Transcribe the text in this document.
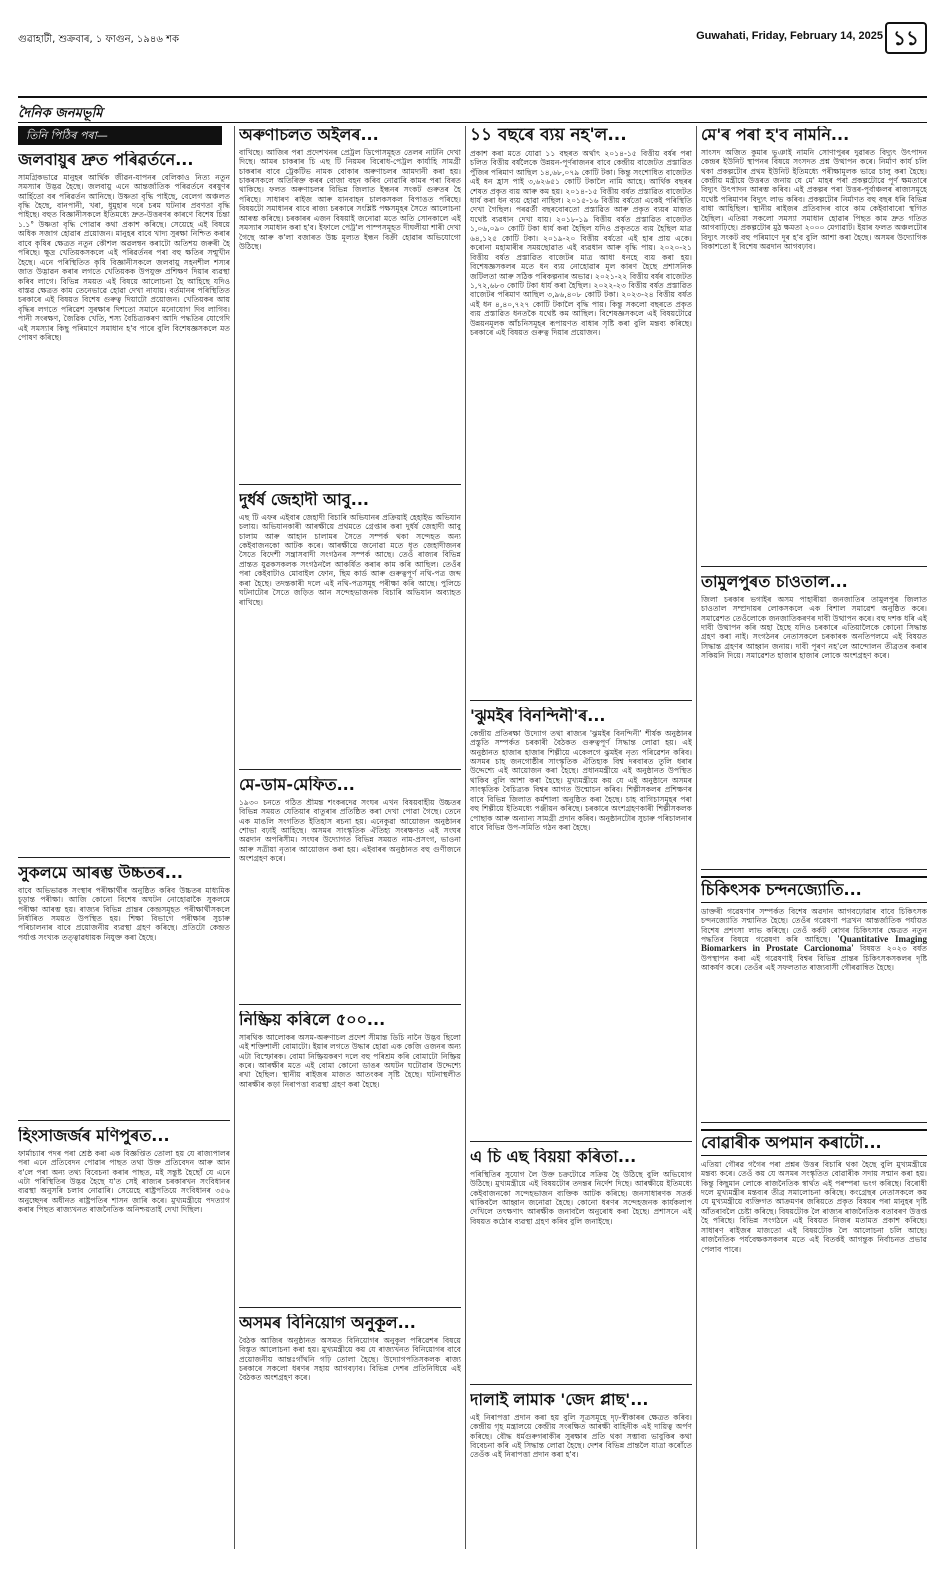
গুৱাহাটী, শুক্ৰবাৰ, ১ ফাগুন, ১৯৪৬ শক	Guwahati, Friday, February 14, 2025 ১১
দৈনিক জনমভূমি
তিনি পিঠিৰ পৰা—
জলবায়ুৰ দ্ৰুত পৰিৱৰ্তনে...

সামগ্ৰিকভাৱে মানুহৰ আৰ্থিক জীৱন-যাপনৰ বেলিকাও নিত্য নতুন সমস্যাৰ উদ্ভৱ হৈছে। জলবায়ু এনে আন্তৰ্জাতিক পৰিৱৰ্তনে বৰষুণৰ আৰ্হিতো বৰ পৰিৱৰ্তন আনিছে। উষ্ণতা বৃদ্ধি পাইছে, বেলেগ অঞ্চলত বৃদ্ধি হৈছে, বানপানী, খৰা, ধুমুহাৰ দৰে চৰম ঘটনাৰ প্ৰবণতা বৃদ্ধি পাইছে। বহুত বিজ্ঞানীসকলে ইতিমধ্যে দ্ৰুত-উত্তৰণৰ কাৰণে বিশেষ চিন্তা ১.১° উষ্ণতা বৃদ্ধি পোৱাৰ কথা প্ৰকাশ কৰিছে। সেয়েহে এই বিষয়ে অধিক সজাগ হোৱাৰ প্ৰয়োজন। মানুহৰ বাবে খাদ্য সুৰক্ষা নিশ্চিত কৰাৰ বাবে কৃষিৰ ক্ষেত্ৰত নতুন কৌশল অৱলম্বন কৰাটো অতিশয় জৰুৰী হৈ পৰিছে। ক্ষুদ্ৰ খেতিয়কসকলে এই পৰিৱৰ্তনৰ পৰা বহু ক্ষতিৰ সন্মুখীন হৈছে। এনে পৰিস্থিতিত কৃষি বিজ্ঞানীসকলে জলবায়ু সহনশীল শস্যৰ জাত উদ্ভাৱন কৰাৰ লগতে খেতিয়কক উপযুক্ত প্ৰশিক্ষণ দিয়াৰ ব্যৱস্থা কৰিব লাগে। বিভিন্ন সময়ত এই বিষয়ে আলোচনা হৈ আহিছে যদিও বাস্তৱ ক্ষেত্ৰত কাম তেনেভাৱে হোৱা দেখা নাযায়। বৰ্তমানৰ পৰিস্থিতিত চৰকাৰে এই বিষয়ত বিশেষ গুৰুত্ব দিয়াটো প্ৰয়োজন। খেতিয়কৰ আয় বৃদ্ধিৰ লগতে পৰিৱেশ সুৰক্ষাৰ দিশতো সমানে মনোযোগ দিব লাগিব। পানী সংৰক্ষণ, জৈৱিক খেতি, শস্য বৈচিত্ৰ্যকৰণ আদি পদ্ধতিৰ যোগেদি এই সমস্যাৰ কিছু পৰিমাণে সমাধান হ'ব পাৰে বুলি বিশেষজ্ঞসকলে মত পোষণ কৰিছে।

সুকলমে আৰম্ভ উচ্চতৰ...

বাবে অভিভাৱক সংস্থাৰ পৰীক্ষাৰ্থীৰ অনুষ্ঠিত কৰিব উচ্চতৰ মাধ্যমিক চূড়ান্ত পৰীক্ষা। আজি কোনো বিশেষ অঘটন নোহোৱাকৈ সুকলমে পৰীক্ষা আৰম্ভ হয়। ৰাজ্যৰ বিভিন্ন প্ৰান্তৰ কেন্দ্ৰসমূহত পৰীক্ষাৰ্থীসকলে নিৰ্ধাৰিত সময়ত উপস্থিত হয়। শিক্ষা বিভাগে পৰীক্ষাৰ সুচাৰু পৰিচালনাৰ বাবে প্ৰয়োজনীয় ব্যৱস্থা গ্ৰহণ কৰিছে। প্ৰতিটো কেন্দ্ৰত পৰ্যাপ্ত সংখ্যক তত্ত্বাৱধায়ক নিযুক্ত কৰা হৈছে।

হিংসাজৰ্জৰ মণিপুৰত...

ফাৰ্মাচ্যাৰ পদৰ পৰা শ্ৰেষ্ঠ কৰা এক বিজ্ঞপ্তিত তোলা হয় যে ৰাজ্যপালৰ পৰা এনে প্ৰতিবেদন পোৱাৰ পাছত তথা উক্ত প্ৰতিবেদন আৰু আন ব'লে পৰা অন্য তথ্য বিবেচনা কৰাৰ পাছত, মই সন্তুষ্ট হৈছোঁ যে এনে এটা পৰিস্থিতিৰ উদ্ভৱ হৈছে য'ত সেই ৰাজ্যৰ চৰকাৰখন সংবিধানৰ ব্যৱস্থা অনুসৰি চলাব নোৱাৰি। সেয়েহে ৰাষ্ট্ৰপতিয়ে সংবিধানৰ ৩৫৬ অনুচ্ছেদৰ অধীনত ৰাষ্ট্ৰপতিৰ শাসন জাৰি কৰে। মুখ্যমন্ত্ৰীয়ে পদত্যাগ কৰাৰ পিছত ৰাজ্যখনত ৰাজনৈতিক অনিশ্চয়তাই দেখা দিছিল।

অৰুণাচলত অইলৰ...

বাখিছে। আজিৰ পৰা প্ৰদেশখনৰ প্ৰেট্ৰল ডিপোসমূহত তেলৰ নাটনি দেখা দিছে। আমৰ চাকৰাৰ চি এছ টি নিয়মৰ বিৰোধ-পেট্ৰল কাৰ্যাহি সামগ্ৰী চাকৰাৰ বাবে ট্ৰেকটিভ নামক বোকাৰ অৰুণাচলৰ আমদানী কৰা হয়। চাকৰসকলে অতিৰিক্ত কৰৰ বোজা বহন কৰিব নোৱাৰি কামৰ পৰা বিৰত থাকিছে। ফলত অৰুণাচলৰ বিভিন্ন জিলাত ইন্ধনৰ সংকট গুৰুতৰ হৈ পৰিছে। সাধাৰণ ৰাইজ আৰু যানবাহন চালকসকল বিপাঙত পৰিছে। বিষয়টো সমাধানৰ বাবে ৰাজ্য চৰকাৰে সংশ্লিষ্ট পক্ষসমূহৰ সৈতে আলোচনা আৰম্ভ কৰিছে। চৰকাৰৰ এজন বিষয়াই জনোৱা মতে অতি সোনকালে এই সমস্যাৰ সমাধান কৰা হ'ব। ইফালে পেট্ৰ'ল পাম্পসমূহত দীঘলীয়া শাৰী দেখা গৈছে আৰু ক'লা বজাৰত উচ্চ মূল্যত ইন্ধন বিক্ৰী হোৱাৰ অভিযোগো উঠিছে।

দুৰ্ধৰ্ষ জেহাদী আবু...

এছ টি এফৰ এইবাৰ জেহাদী বিচাৰি অভিযানৰ প্ৰক্ৰিয়াই হেহাইভ অভিযান চলায়। অভিযানকাৰী আৰক্ষীয়ে প্ৰথমতে গ্ৰেপ্তাৰ কৰা দুৰ্ধৰ্ষ জেহাদী আবু চালাম আৰু আহান চালামৰ সৈতে সম্পৰ্ক থকা সন্দেহত অন্য কেইবাজনকো আটক কৰে। আৰক্ষীয়ে জনোৱা মতে ধৃত জেহাদীজনৰ সৈতে বিদেশী সন্ত্ৰাসবাদী সংগঠনৰ সম্পৰ্ক আছে। তেওঁ ৰাজ্যৰ বিভিন্ন প্ৰান্তত যুৱকসকলক সংগঠনলৈ আকৰ্ষিত কৰাৰ কাম কৰি আছিল। তেওঁৰ পৰা কেইবাটাও মোবাইল ফোন, ছিম কাৰ্ড আৰু গুৰুত্বপূৰ্ণ নথি-পত্ৰ জব্দ কৰা হৈছে। তদন্তকাৰী দলে এই নথি-পত্ৰসমূহ পৰীক্ষা কৰি আছে। পুলিচে ঘটনাটোৰ সৈতে জড়িত আন সন্দেহভাজনক বিচাৰি অভিযান অব্যাহত ৰাখিছে।

মে-ডাম-মেফিত...

১৯৩০ চনতে গঠিত শ্ৰীমন্ত শংকৰদেৱ সংঘৰ এখন বিষয়বাহীয় উচ্চতৰ বিভিন্ন সময়ত যেতিয়াৰ বাতুৰাৰ প্ৰতিষ্ঠিত কৰা দেখা পোৱা গৈছে। তেনে এক মাঙলি সংগতিত ইতিহাস ৰচনা হয়। এনেকুৱা আয়োজন অনুষ্ঠানৰ শোভা বঢ়াই আহিছে। অসমৰ সাংস্কৃতিক ঐতিহ্য সংৰক্ষণত এই সংঘৰ অৱদান অপৰিসীম। সংঘৰ উদ্যোগত বিভিন্ন সময়ত নাম-প্ৰসংগ, ভাওনা আৰু সত্ৰীয়া নৃত্যৰ আয়োজন কৰা হয়। এইবাৰৰ অনুষ্ঠানত বহু গুণীজনে অংশগ্ৰহণ কৰে।

নিষ্ক্ৰিয় কৰিলে ৫০০...

সাৰথিক আলোকৰ অসম-অৰুণাচল প্ৰদেশ সীমান্ত ডিচি নানৈ উদ্ভব ছিলো এই শক্তিশালী বোমাটো। ইয়াৰ লগতে উদ্ধাৰ হোৱা এক কেজি ওজনৰ অন্য এটা বিস্ফোৰক। বোমা নিষ্ক্ৰিয়কৰণ দলে বহু পৰিশ্ৰম কৰি বোমাটো নিষ্ক্ৰিয় কৰে। আৰক্ষীৰ মতে এই বোমা কোনো ডাঙৰ অঘটন ঘটোৱাৰ উদ্দেশ্যে ৰখা হৈছিল। স্থানীয় ৰাইজৰ মাজত আতংকৰ সৃষ্টি হৈছে। ঘটনাস্থলীত আৰক্ষীৰ কড়া নিৰাপত্তা ব্যৱস্থা গ্ৰহণ কৰা হৈছে।

অসমৰ বিনিয়োগ অনুকূল...

বৈঠক আজিৰ অনুষ্ঠানত অসমত বিনিয়োগৰ অনুকূল পৰিৱেশৰ বিষয়ে বিস্তৃত আলোচনা কৰা হয়। মুখ্যমন্ত্ৰীয়ে কয় যে ৰাজ্যখনত বিনিয়োগৰ বাবে প্ৰয়োজনীয় আন্তঃগাঁথনি গঢ়ি তোলা হৈছে। উদ্যোগপতিসকলক ৰাজ্য চৰকাৰে সকলো ধৰণৰ সহায় আগবঢ়াব। বিভিন্ন দেশৰ প্ৰতিনিধিয়ে এই বৈঠকত অংশগ্ৰহণ কৰে।

১১ বছৰে ব্যয় নহ'ল...

প্ৰকাশ কৰা মতে যোৱা ১১ বছৰত অৰ্থাৎ ২০১৪-১৫ বিত্তীয় বৰ্ষৰ পৰা চলিত বিত্তীয় বৰ্ষলৈকে উন্নয়ন-পূৰ্ণৰাজনৰ বাবে কেন্দ্ৰীয় বাজেটত প্ৰস্তাৱিত পুঁজিৰ পৰিমাণ আছিল ১৪,৬৮,০৭৯ কোটি টকা। কিন্তু সংশোধিত বাজেটত এই ধন হ্ৰাস পাই ৩,৬২৬৫১ কোটি টকালৈ নামি আহে। আৰ্থিক বছৰৰ শেষত প্ৰকৃত ব্যয় আৰু কম হয়। ২০১৪-১৫ বিত্তীয় বৰ্ষত প্ৰস্তাৱিত বাজেটত ধাৰ্য কৰা ধন ব্যয় হোৱা নাছিল। ২০১৫-১৬ বিত্তীয় বৰ্ষতো একেই পৰিস্থিতি দেখা গৈছিল। পৰৱৰ্তী বছৰবোৰতো প্ৰস্তাৱিত আৰু প্ৰকৃত ব্যয়ৰ মাজত যথেষ্ট ব্যৱধান দেখা যায়। ২০১৮-১৯ বিত্তীয় বৰ্ষত প্ৰস্তাৱিত বাজেটত ১,০৬,০৯০ কোটি টকা ধাৰ্য কৰা হৈছিল যদিও প্ৰকৃততে ব্যয় হৈছিল মাত্ৰ ৬৪,১২৫ কোটি টকা। ২০১৯-২০ বিত্তীয় বৰ্ষতো এই হাৰ প্ৰায় একে। কৰোনা মহামাৰীৰ সময়ছোৱাত এই ব্যৱধান আৰু বৃদ্ধি পায়। ২০২০-২১ বিত্তীয় বৰ্ষত প্ৰস্তাৱিত বাজেটৰ মাত্ৰ আধা ধনহে ব্যয় কৰা হয়। বিশেষজ্ঞসকলৰ মতে ধন ব্যয় নোহোৱাৰ মূল কাৰণ হৈছে প্ৰশাসনিক জটিলতা আৰু সঠিক পৰিকল্পনাৰ অভাৱ। ২০২১-২২ বিত্তীয় বৰ্ষৰ বাজেটত ১,৭২,৬৮৩ কোটি টকা ধাৰ্য কৰা হৈছিল। ২০২২-২৩ বিত্তীয় বৰ্ষত প্ৰস্তাৱিত বাজেটৰ পৰিমাণ আছিল ৩,৯৬,৪০৮ কোটি টকা। ২০২৩-২৪ বিত্তীয় বৰ্ষত এই ধন ৪,৪০,৭২৭ কোটি টকালৈ বৃদ্ধি পায়। কিন্তু সকলো বছৰতে প্ৰকৃত ব্যয় প্ৰস্তাৱিত ধনতকৈ যথেষ্ট কম আছিল। বিশেষজ্ঞসকলে এই বিষয়টোৱে উন্নয়নমূলক আঁচনিসমূহৰ ৰূপায়ণত বাধাৰ সৃষ্টি কৰা বুলি মন্তব্য কৰিছে। চৰকাৰে এই বিষয়ত গুৰুত্ব দিয়াৰ প্ৰয়োজন।

'ঝুমইৰ বিনন্দিনী'ৰ...

কেন্দ্ৰীয় প্ৰতিৰক্ষা উদ্যোগ তথা ৰাজ্যৰ 'ঝুমইৰ বিনন্দিনী' শীৰ্ষক অনুষ্ঠানৰ প্ৰস্তুতি সম্পৰ্কত চৰকাৰী বৈঠকত গুৰুত্বপূৰ্ণ সিদ্ধান্ত লোৱা হয়। এই অনুষ্ঠানত হাজাৰ হাজাৰ শিল্পীয়ে একেলগে ঝুমইৰ নৃত্য পৰিৱেশন কৰিব। অসমৰ চাহ জনগোষ্ঠীৰ সাংস্কৃতিক ঐতিহ্যক বিশ্ব দৰবাৰত তুলি ধৰাৰ উদ্দেশ্যে এই আয়োজন কৰা হৈছে। প্ৰধানমন্ত্ৰীয়ে এই অনুষ্ঠানত উপস্থিত থাকিব বুলি আশা কৰা হৈছে। মুখ্যমন্ত্ৰীয়ে কয় যে এই অনুষ্ঠানে অসমৰ সাংস্কৃতিক বৈচিত্ৰ্যক বিশ্বৰ আগত উন্মোচন কৰিব। শিল্পীসকলৰ প্ৰশিক্ষণৰ বাবে বিভিন্ন জিলাত কৰ্মশালা অনুষ্ঠিত কৰা হৈছে। চাহ বাগিচাসমূহৰ পৰা বহু শিল্পীয়ে ইতিমধ্যে পঞ্জীয়ন কৰিছে। চৰকাৰে অংশগ্ৰহণকাৰী শিল্পীসকলক পোছাক আৰু অন্যান্য সামগ্ৰী প্ৰদান কৰিব। অনুষ্ঠানটোৰ সুচাৰু পৰিচালনাৰ বাবে বিভিন্ন উপ-সমিতি গঠন কৰা হৈছে।

এ চি এছ বিয়য়া কৰিতা...

পৰিস্থিতিৰ সুযোগ লৈ উক্ত চক্ৰটোৱে সক্ৰিয় হৈ উঠিছে বুলি অভিযোগ উঠিছে। মুখ্যমন্ত্ৰীয়ে এই বিষয়টোৰ তদন্তৰ নিৰ্দেশ দিছে। আৰক্ষীয়ে ইতিমধ্যে কেইবাজনকো সন্দেহভাজন ব্যক্তিক আটক কৰিছে। জনসাধাৰণক সতৰ্ক থাকিবলৈ আহ্বান জনোৱা হৈছে। কোনো ধৰণৰ সন্দেহজনক কাৰ্যকলাপ দেখিলে তৎক্ষণাৎ আৰক্ষীক জনাবলৈ অনুৰোধ কৰা হৈছে। প্ৰশাসনে এই বিষয়ত কঠোৰ ব্যৱস্থা গ্ৰহণ কৰিব বুলি জনাইছে।

দালাই লামাক 'জেদ প্লাছ'...

এই নিৰাপত্তা প্ৰদান কৰা হয় বুলি সূত্ৰসমূহে দৃঢ়-স্বীকাৰৰ ক্ষেত্ৰত কৰিব। কেন্দ্ৰীয় গৃহ মন্ত্ৰালয়ে কেন্দ্ৰীয় সংৰক্ষিত আৰক্ষী বাহিনীক এই দায়িত্ব অৰ্পণ কৰিছে। বৌদ্ধ ধৰ্মগুৰুগৰাকীৰ সুৰক্ষাৰ প্ৰতি থকা সম্ভাব্য ভাবুকিৰ কথা বিবেচনা কৰি এই সিদ্ধান্ত লোৱা হৈছে। দেশৰ বিভিন্ন প্ৰান্তলৈ যাত্ৰা কৰোঁতে তেওঁক এই নিৰাপত্তা প্ৰদান কৰা হ'ব।

মে'ৰ পৰা হ'ব নামনি...

সাংসদ অজিত কুমাৰ ভূঞাই নামনি সোণাপুৰৰ দুৱাৰত বিদ্যুৎ উৎপাদন কেন্দ্ৰৰ ইউনিট স্থাপনৰ বিষয়ে সংসদত প্ৰশ্ন উত্থাপন কৰে। নিৰ্মাণ কাৰ্য চলি থকা প্ৰকল্পটোৰ প্ৰথম ইউনিট ইতিমধ্যে পৰীক্ষামূলক ভাৱে চালু কৰা হৈছে। কেন্দ্ৰীয় মন্ত্ৰীয়ে উত্তৰত জনায় যে মে' মাহৰ পৰা প্ৰকল্পটোৱে পূৰ্ণ ক্ষমতাৰে বিদ্যুৎ উৎপাদন আৰম্ভ কৰিব। এই প্ৰকল্পৰ পৰা উত্তৰ-পূৰ্বাঞ্চলৰ ৰাজ্যসমূহে যথেষ্ট পৰিমাণৰ বিদ্যুৎ লাভ কৰিব। প্ৰকল্পটোৰ নিৰ্মাণত বহু বছৰ ধৰি বিভিন্ন বাধা আহিছিল। স্থানীয় ৰাইজৰ প্ৰতিবাদৰ বাবে কাম কেইবাবাৰো স্থগিত হৈছিল। এতিয়া সকলো সমস্যা সমাধান হোৱাৰ পিছত কাম দ্ৰুত গতিত আগবাঢ়িছে। প্ৰকল্পটোৰ মুঠ ক্ষমতা ২০০০ মেগাৱাট। ইয়াৰ ফলত অঞ্চলটোৰ বিদ্যুৎ সংকট বহু পৰিমাণে দূৰ হ'ব বুলি আশা কৰা হৈছে। অসমৰ উদ্যোগিক বিকাশতো ই বিশেষ অৱদান আগবঢ়াব।

তামুলপুৰত চাওতাল...

জিলা চৰকাৰ ভগাইৰ অসম পাহাৰীয়া জনজাতিৰ তামুলপুৰ জিলাত চাওতাল সম্প্ৰদায়ৰ লোকসকলে এক বিশাল সমাৱেশ অনুষ্ঠিত কৰে। সমাৱেশত তেওঁলোকে জনজাতিকৰণৰ দাবী উত্থাপন কৰে। বহু দশক ধৰি এই দাবী উত্থাপন কৰি অহা হৈছে যদিও চৰকাৰে এতিয়ালৈকে কোনো সিদ্ধান্ত গ্ৰহণ কৰা নাই। সংগঠনৰ নেতাসকলে চৰকাৰক অনতিপলমে এই বিষয়ত সিদ্ধান্ত গ্ৰহণৰ আহ্বান জনায়। দাবী পূৰণ নহ'লে আন্দোলন তীব্ৰতৰ কৰাৰ সকিয়নি দিয়ে। সমাৱেশত হাজাৰ হাজাৰ লোকে অংশগ্ৰহণ কৰে।

চিকিৎসক চন্দনজ্যোতি...

ডাক্তৰী গৱেষণাৰ সম্পৰ্কত বিশেষ অৱদান আগবঢ়োৱাৰ বাবে চিকিৎসক চন্দনজ্যোতি সন্মানিত হৈছে। তেওঁৰ গৱেষণা পত্ৰখন আন্তৰ্জাতিক পৰ্যায়ত বিশেষ প্ৰশংসা লাভ কৰিছে। তেওঁ কৰ্কট ৰোগৰ চিকিৎসাৰ ক্ষেত্ৰত নতুন পদ্ধতিৰ বিষয়ে গৱেষণা কৰি আহিছে। 'Quantitative Imaging Biomarkers in Prostate Carcionoma' বিষয়ত ২০২৩ বৰ্ষত উপস্থাপন কৰা এই গৱেষণাই বিশ্বৰ বিভিন্ন প্ৰান্তৰ চিকিৎসকসকলৰ দৃষ্টি আকৰ্ষণ কৰে। তেওঁৰ এই সফলতাত ৰাজ্যবাসী গৌৰৱান্বিত হৈছে।

বোৱাৰীক অপমান কৰাটো...

এতিয়া গৌৰৱ গগৈৰ পৰা প্ৰশ্নৰ উত্তৰ বিচাৰি থকা হৈছে বুলি মুখ্যমন্ত্ৰীয়ে মন্তব্য কৰে। তেওঁ কয় যে অসমৰ সংস্কৃতিত বোৱাৰীক সদায় সন্মান কৰা হয়। কিন্তু কিছুমান লোকে ৰাজনৈতিক স্বাৰ্থত এই পৰম্পৰা ভংগ কৰিছে। বিৰোধী দলে মুখ্যমন্ত্ৰীৰ মন্তব্যৰ তীব্ৰ সমালোচনা কৰিছে। কংগ্ৰেছৰ নেতাসকলে কয় যে মুখ্যমন্ত্ৰীয়ে ব্যক্তিগত আক্ৰমণৰ জৰিয়তে প্ৰকৃত বিষয়ৰ পৰা মানুহৰ দৃষ্টি আঁতৰাবলৈ চেষ্টা কৰিছে। বিষয়টোক লৈ ৰাজ্যৰ ৰাজনৈতিক বতাবৰণ উত্তপ্ত হৈ পৰিছে। বিভিন্ন সংগঠনে এই বিষয়ত নিজৰ মতামত প্ৰকাশ কৰিছে। সাধাৰণ ৰাইজৰ মাজতো এই বিষয়টোক লৈ আলোচনা চলি আছে। ৰাজনৈতিক পৰ্যবেক্ষকসকলৰ মতে এই বিতৰ্কই আগন্তুক নিৰ্বাচনত প্ৰভাৱ পেলাব পাৰে।
